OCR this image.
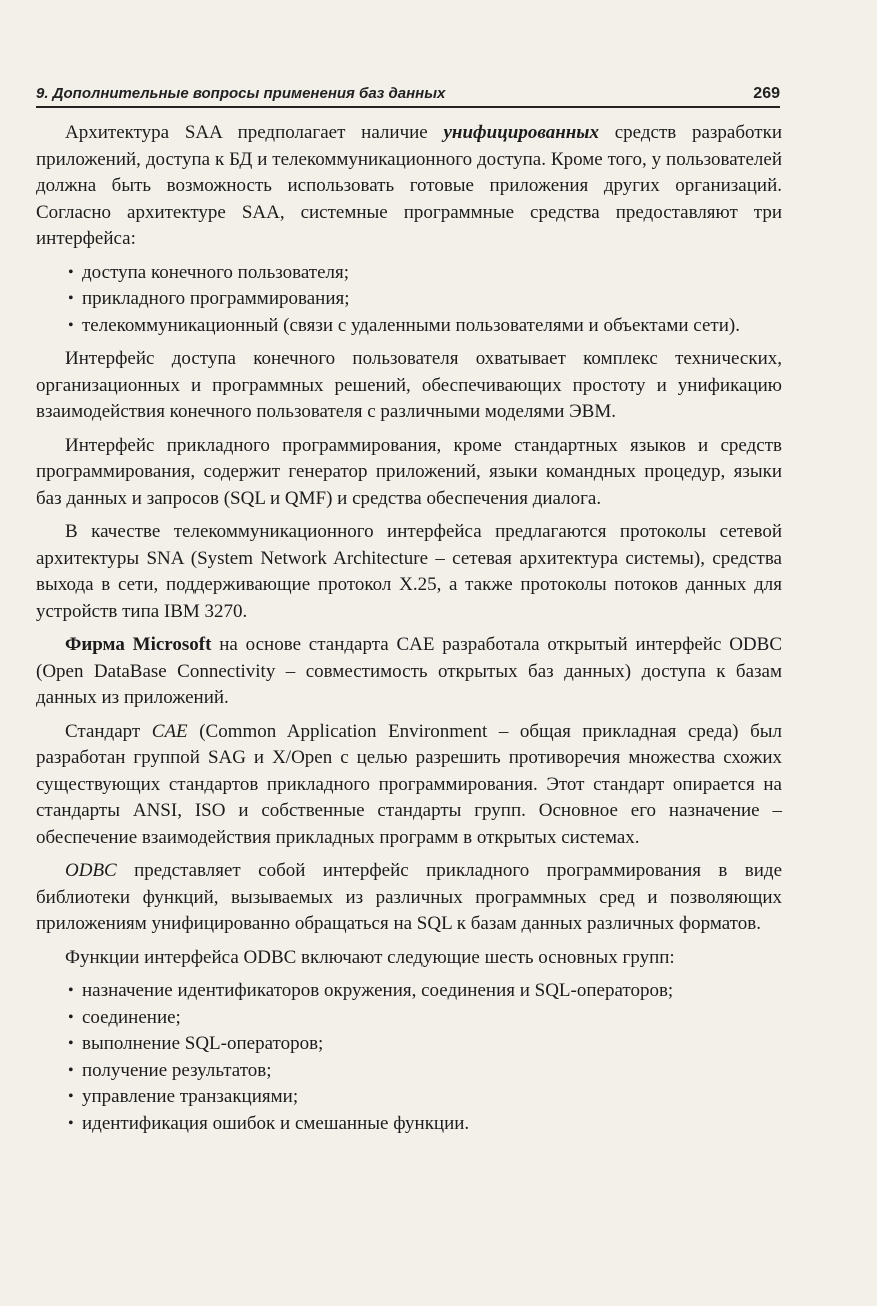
9. Дополнительные вопросы применения баз данных	269

Архитектура SAA предполагает наличие унифицированных средств разработки приложений, доступа к БД и телекоммуникационного доступа. Кроме того, у пользователей должна быть возможность использовать готовые приложения других организаций. Согласно архитектуре SAA, системные программные средства предоставляют три интерфейса:

• доступа конечного пользователя;
• прикладного программирования;
• телекоммуникационный (связи с удаленными пользователями и объектами сети).

Интерфейс доступа конечного пользователя охватывает комплекс технических, организационных и программных решений, обеспечивающих простоту и унификацию взаимодействия конечного пользователя с различными моделями ЭВМ.

Интерфейс прикладного программирования, кроме стандартных языков и средств программирования, содержит генератор приложений, языки командных процедур, языки баз данных и запросов (SQL и QMF) и средства обеспечения диалога.

В качестве телекоммуникационного интерфейса предлагаются протоколы сетевой архитектуры SNA (System Network Architecture – сетевая архитектура системы), средства выхода в сети, поддерживающие протокол X.25, а также протоколы потоков данных для устройств типа IBM 3270.

Фирма Microsoft на основе стандарта CAE разработала открытый интерфейс ODBC (Open DataBase Connectivity – совместимость открытых баз данных) доступа к базам данных из приложений.

Стандарт CAE (Common Application Environment – общая прикладная среда) был разработан группой SAG и X/Open с целью разрешить противоречия множества схожих существующих стандартов прикладного программирования. Этот стандарт опирается на стандарты ANSI, ISO и собственные стандарты групп. Основное его назначение – обеспечение взаимодействия прикладных программ в открытых системах.

ODBC представляет собой интерфейс прикладного программирования в виде библиотеки функций, вызываемых из различных программных сред и позволяющих приложениям унифицированно обращаться на SQL к базам данных различных форматов.

Функции интерфейса ODBC включают следующие шесть основных групп:

• назначение идентификаторов окружения, соединения и SQL-операторов;
• соединение;
• выполнение SQL-операторов;
• получение результатов;
• управление транзакциями;
• идентификация ошибок и смешанные функции.
